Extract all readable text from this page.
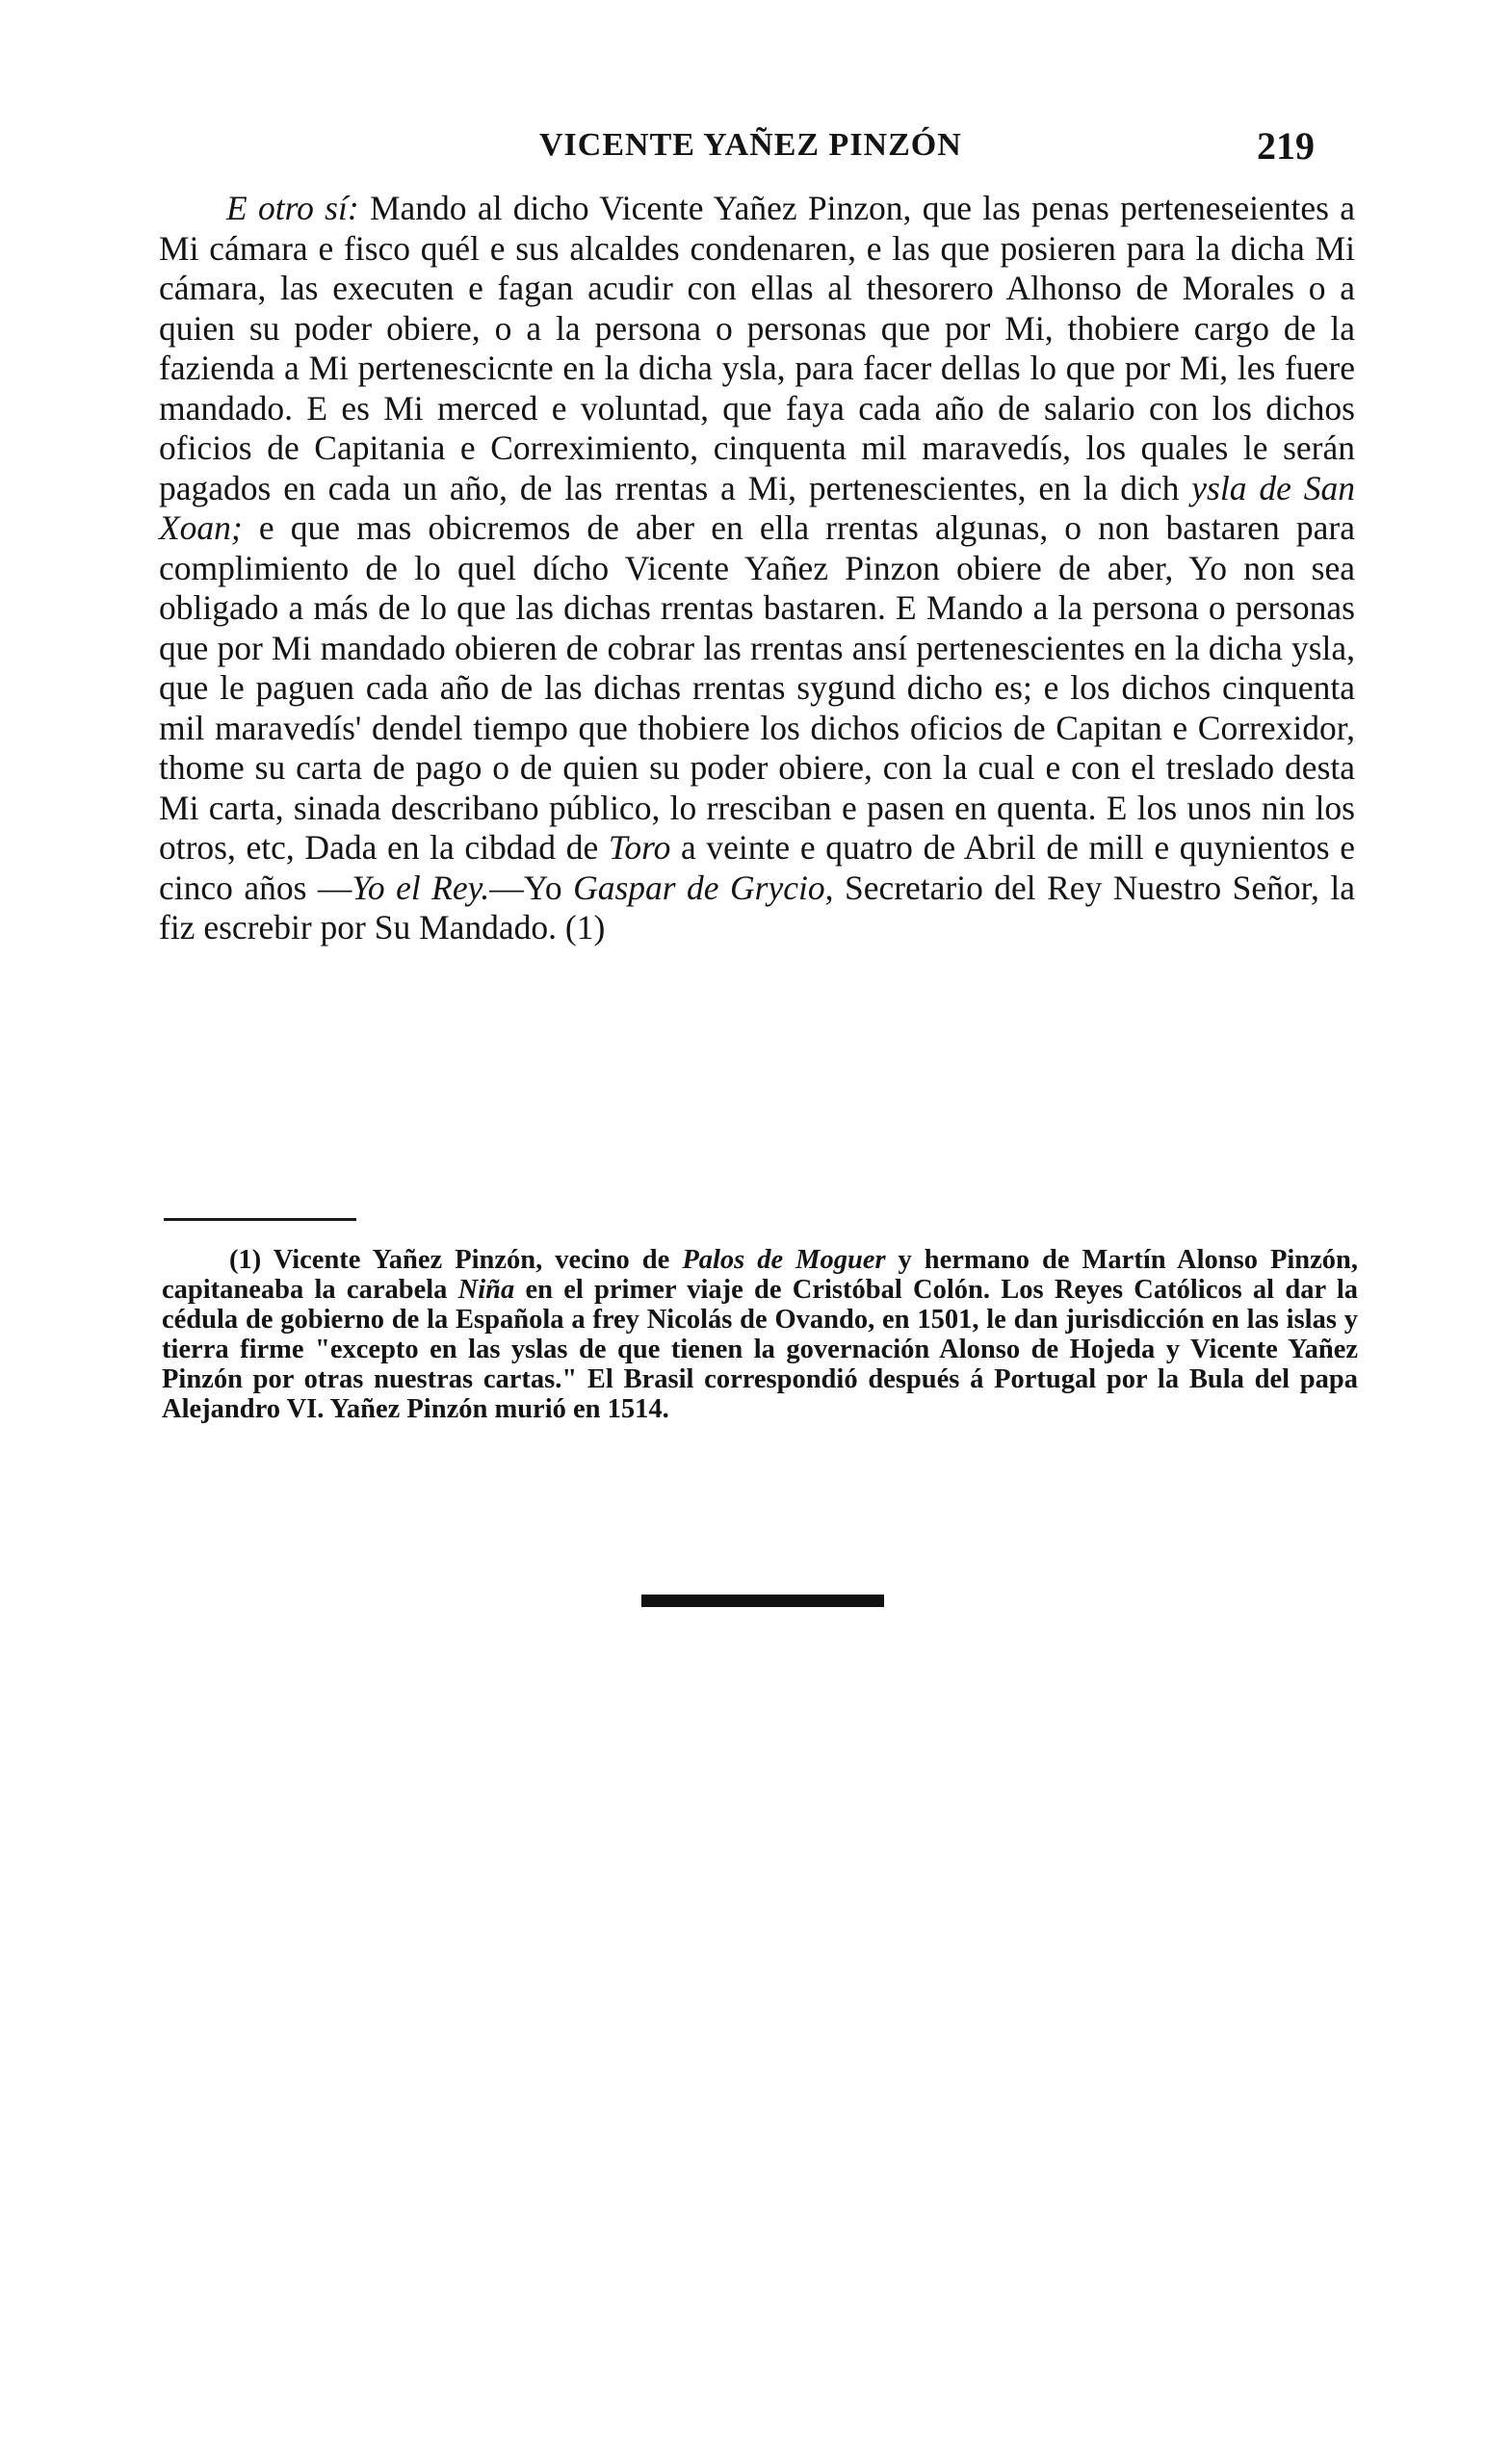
VICENTE YAÑEZ PINZÓN	219

E otro sí: Mando al dicho Vicente Yañez Pinzon, que las penas perteneseientes a Mi cámara e fisco quél e sus alcaldes condenaren, e las que posieren para la dicha Mi cámara, las executen e fagan acudir con ellas al thesorero Alhonso de Morales o a quien su poder obiere, o a la persona o personas que por Mi, thobiere cargo de la fazienda a Mi pertenescicnte en la dicha ysla, para facer dellas lo que por Mi, les fuere mandado. E es Mi merced e voluntad, que faya cada año de salario con los dichos oficios de Capitania e Correximiento, cinquenta mil maravedís, los quales le serán pagados en cada un año, de las rrentas a Mi, pertenescientes, en la dich ysla de San Xoan; e que mas obicremos de aber en ella rrentas algunas, o non bastaren para complimiento de lo quel dícho Vicente Yañez Pinzon obiere de aber, Yo non sea obligado a más de lo que las dichas rrentas bastaren. E Mando a la persona o personas que por Mi mandado obieren de cobrar las rrentas ansí pertenescientes en la dicha ysla, que le paguen cada año de las dichas rrentas sygund dicho es; e los dichos cinquenta mil maravedís' dendel tiempo que thobiere los dichos oficios de Capitan e Correxidor, thome su carta de pago o de quien su poder obiere, con la cual e con el treslado desta Mi carta, sinada describano público, lo rresciban e pasen en quenta. E los unos nin los otros, etc, Dada en la cibdad de Toro a veinte e quatro de Abril de mill e quynientos e cinco años —Yo el Rey.—Yo Gaspar de Grycio, Secretario del Rey Nuestro Señor, la fiz escrebir por Su Mandado. (1)

(1) Vicente Yañez Pinzón, vecino de Palos de Moguer y hermano de Martín Alonso Pinzón, capitaneaba la carabela Niña en el primer viaje de Cristóbal Colón. Los Reyes Católicos al dar la cédula de gobierno de la Española a frey Nicolás de Ovando, en 1501, le dan jurisdicción en las islas y tierra firme "excepto en las yslas de que tienen la governación Alonso de Hojeda y Vicente Yañez Pinzón por otras nuestras cartas." El Brasil correspondió después á Portugal por la Bula del papa Alejandro VI. Yañez Pinzón murió en 1514.
